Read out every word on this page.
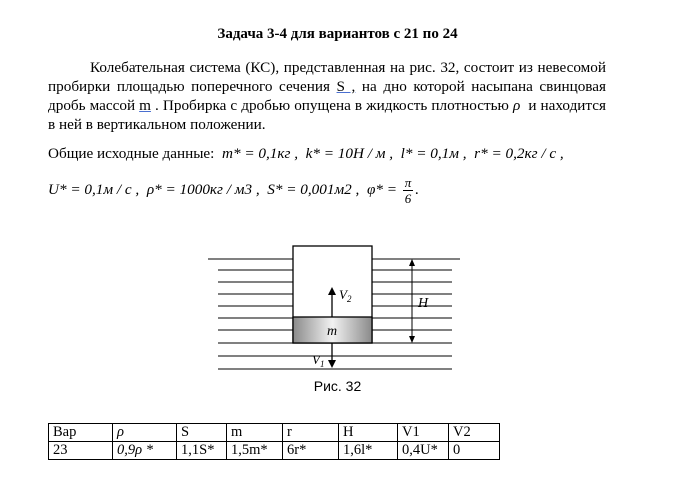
Задача 3-4 для вариантов с 21 по 24
Колебательная система (КС), представленная на рис. 32, состоит из невесомой пробирки площадью поперечного сечения S , на дно которой насыпана свинцовая дробь массой m . Пробирка с дробью опущена в жидкость плотностью ρ  и находится в ней в вертикальном положении.
Общие исходные данные: m* = 0,1кг , k* = 10H / м , l* = 0,1м , r* = 0,2кг / с ,
U* = 0,1м / с , ρ* = 1000кг / м3 , S* = 0,001м2 , $\varphi* = \frac{\pi}{6}$ .
m
$V_2$
$V_1$
H
Рис. 32
Вар	ρ	S	m	r	H	V1	V2
23	0,9ρ *	1,1S*	1,5m*	6r*	1,6l*	0,4U*	0
